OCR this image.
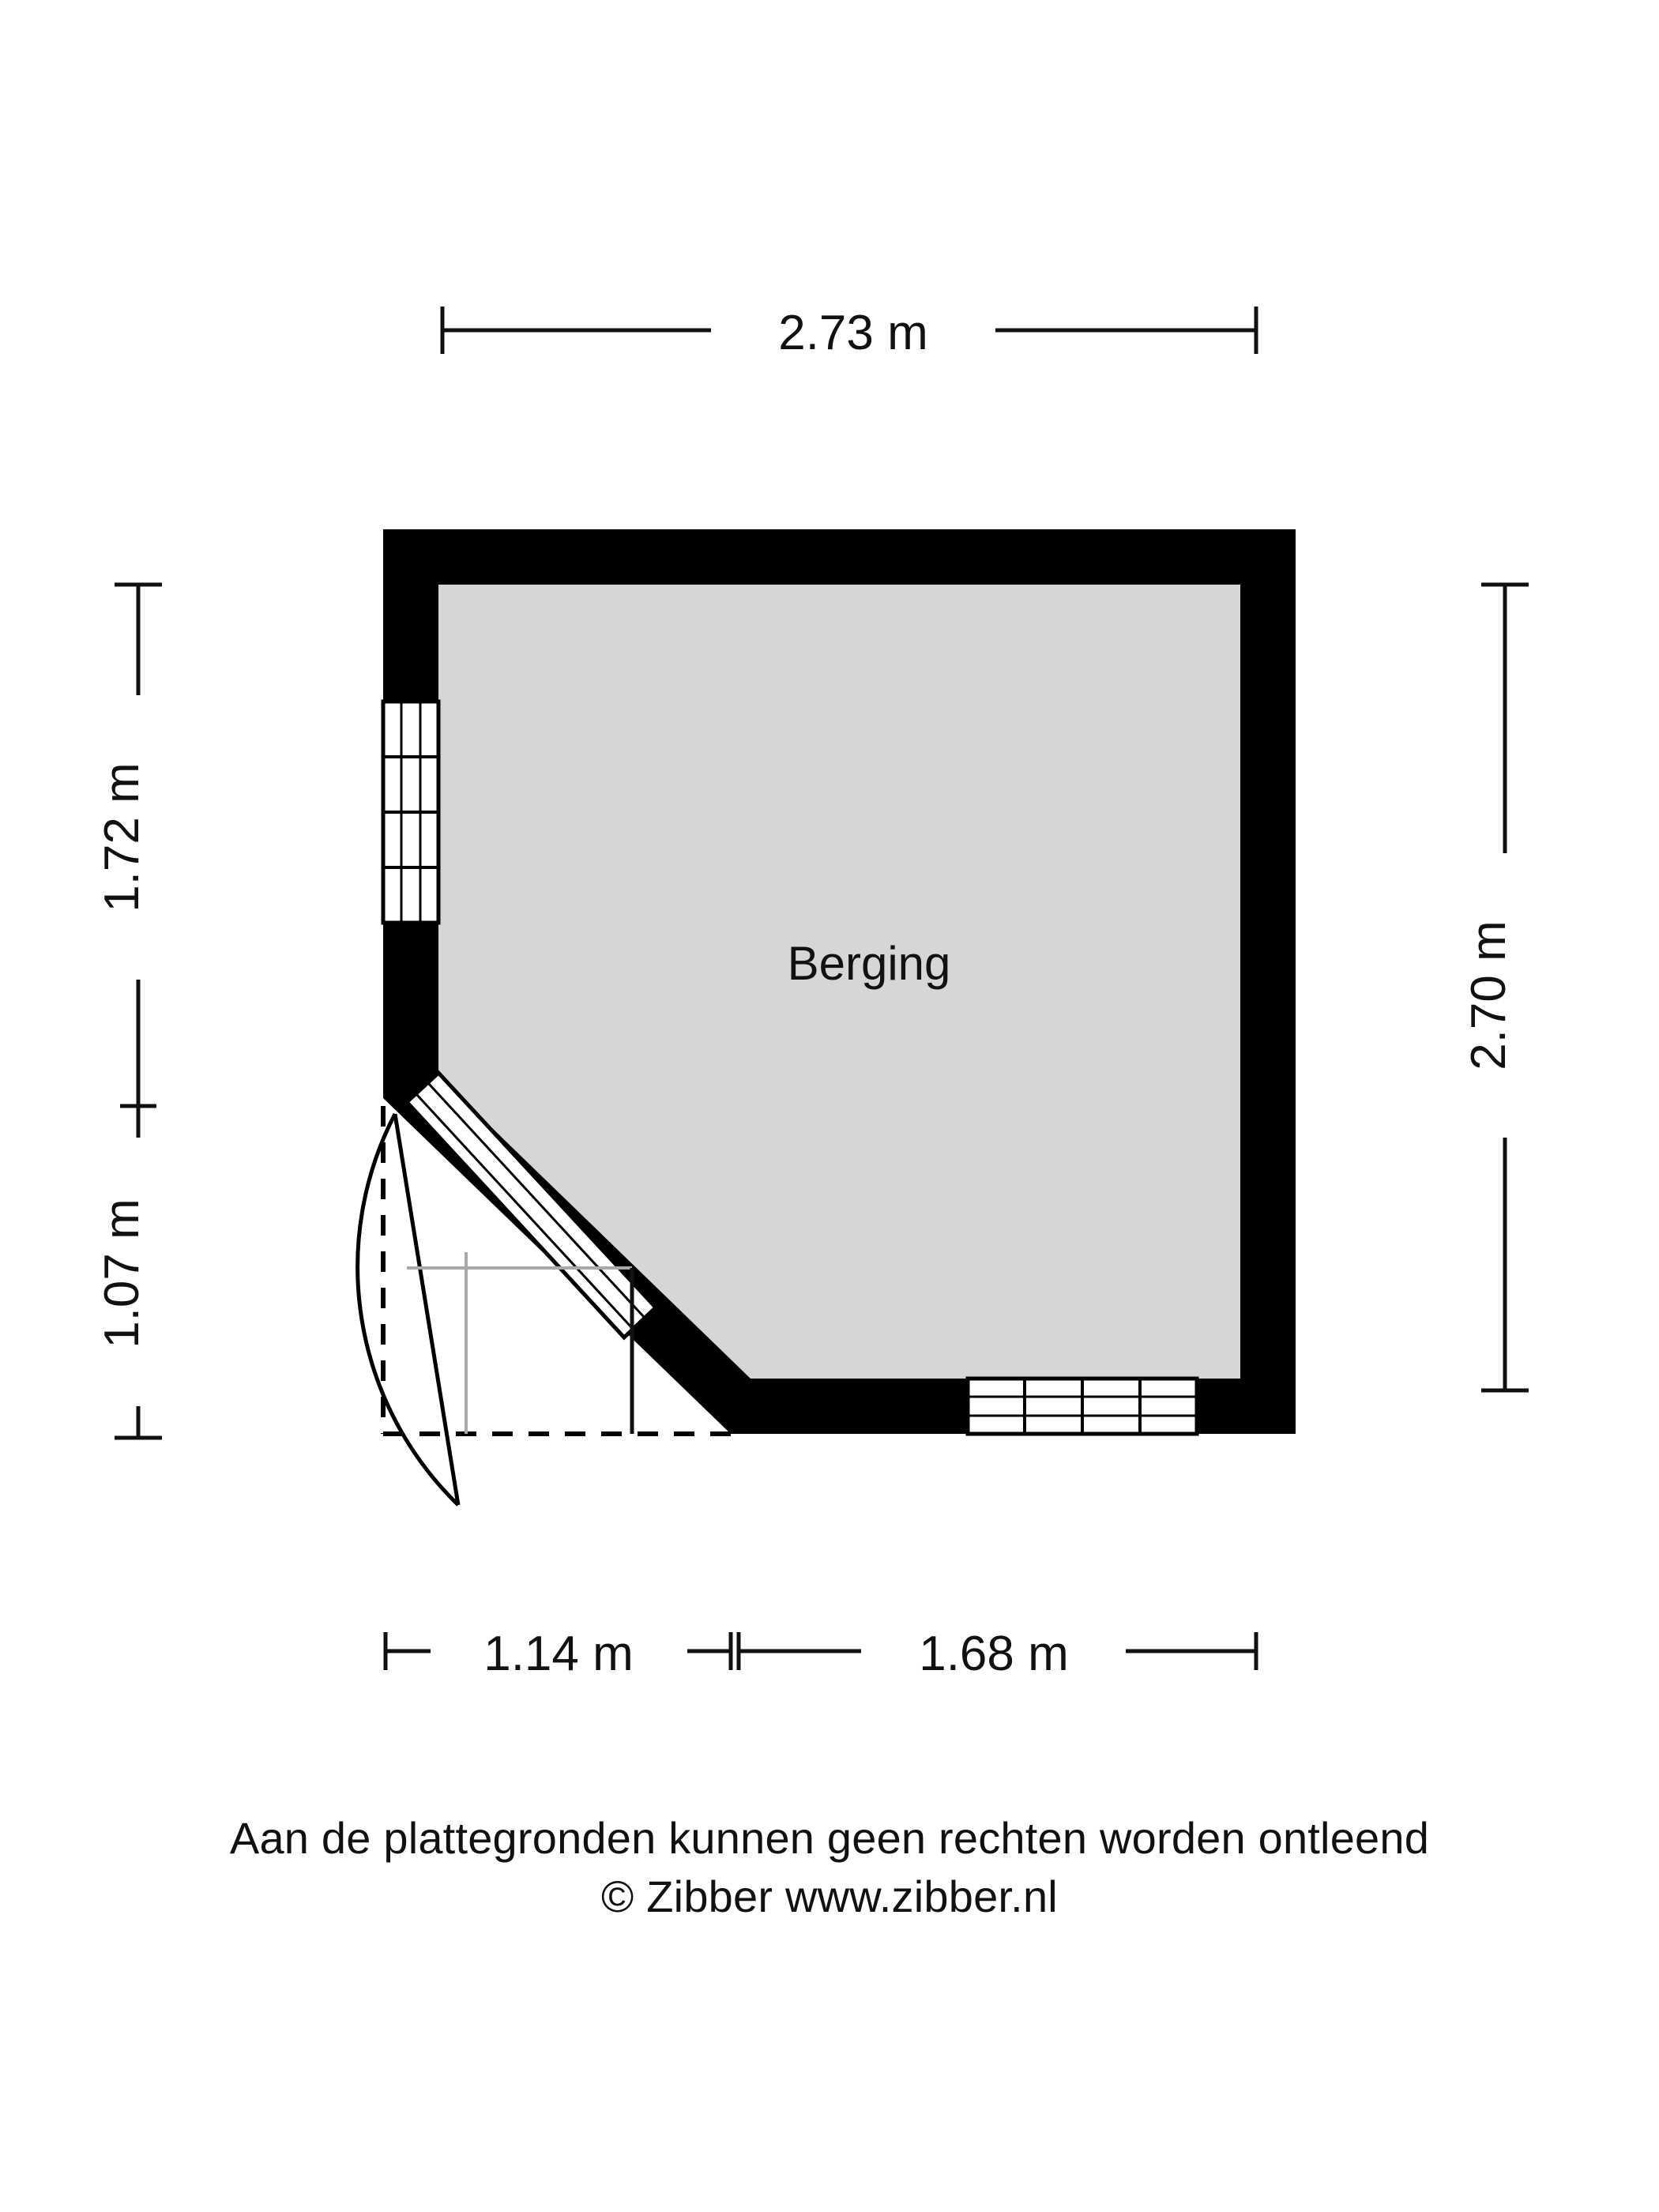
2.73 m
1.72 m
1.07 m
2.70 m
1.14 m	1.68 m
Berging
Aan de plattegronden kunnen geen rechten worden ontleend
© Zibber www.zibber.nl
